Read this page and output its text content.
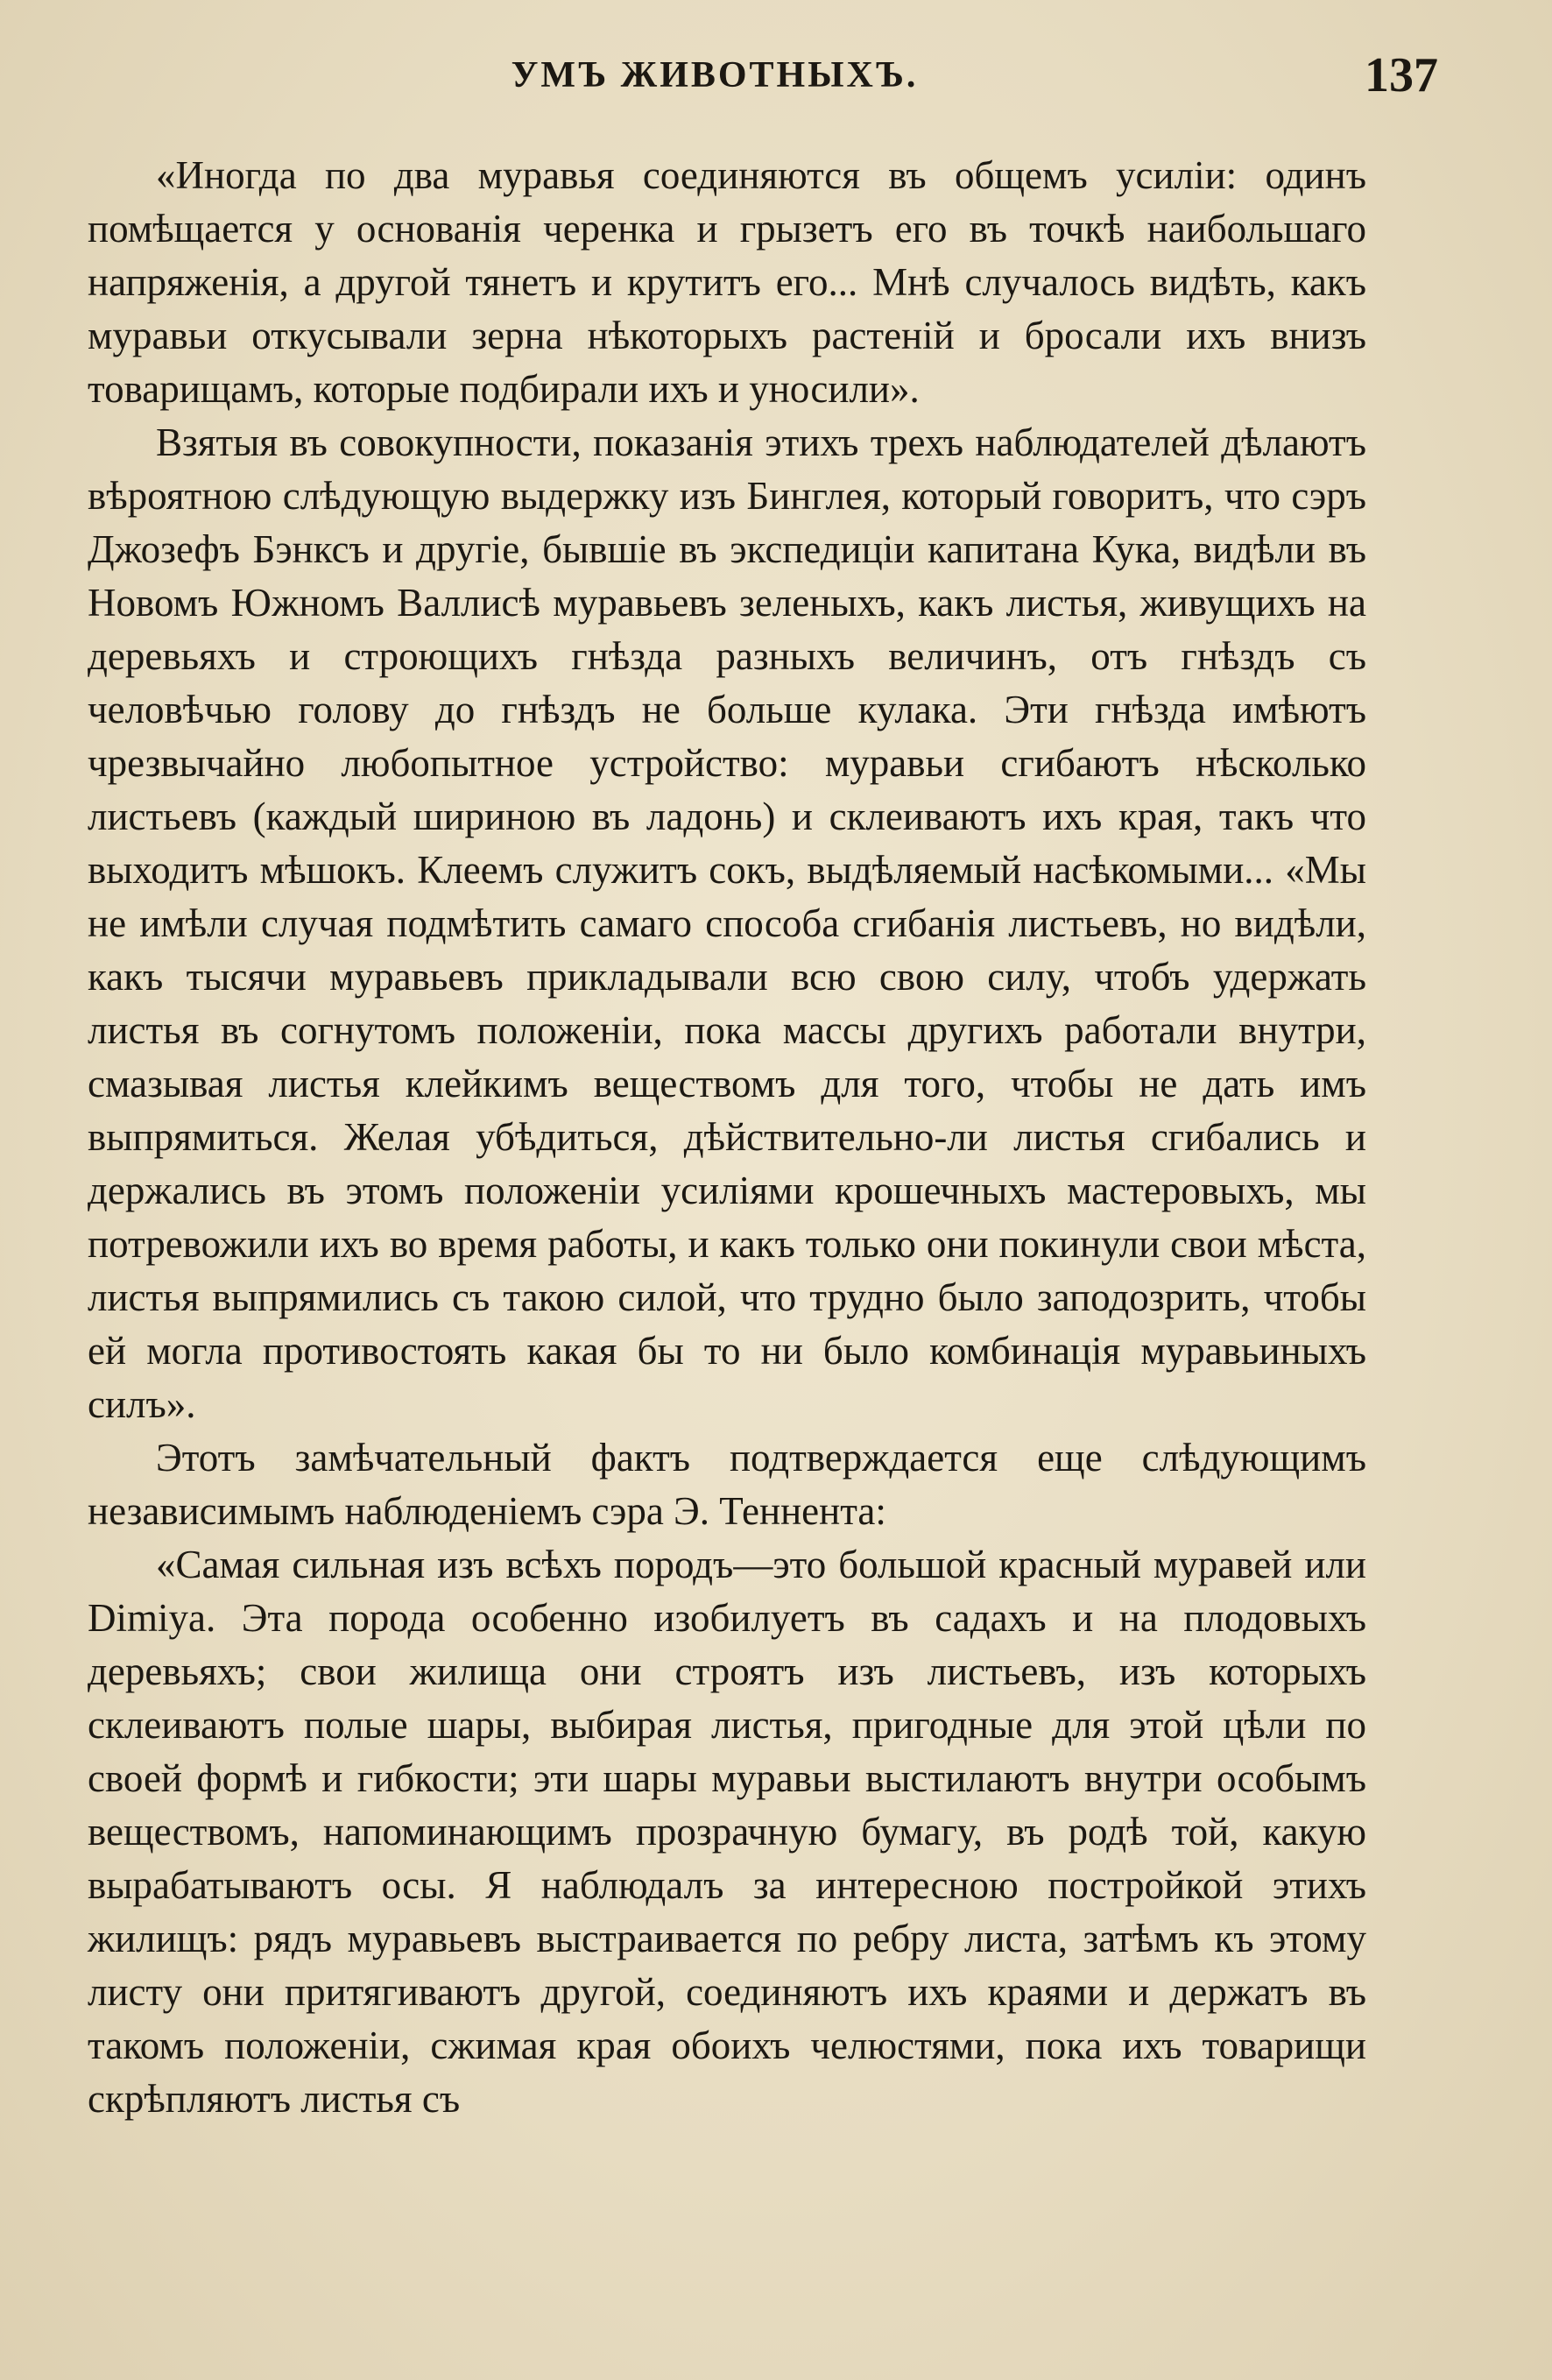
УМЪ ЖИВОТНЫХЪ.	137

«Иногда по два муравья соединяются въ общемъ усиліи: одинъ помѣщается у основанія черенка и грызетъ его въ точкѣ наибольшаго напряженія, а другой тянетъ и крутитъ его... Мнѣ случалось видѣть, какъ муравьи откусывали зерна нѣкоторыхъ растеній и бросали ихъ внизъ товарищамъ, которые подбирали ихъ и уносили».

Взятыя въ совокупности, показанія этихъ трехъ наблюдателей дѣлаютъ вѣроятною слѣдующую выдержку изъ Бинглея, который говоритъ, что сэръ Джозефъ Бэнксъ и другіе, бывшіе въ экспедиціи капитана Кука, видѣли въ Новомъ Южномъ Валлисѣ муравьевъ зеленыхъ, какъ листья, живущихъ на деревьяхъ и строющихъ гнѣзда разныхъ величинъ, отъ гнѣздъ съ человѣчью голову до гнѣздъ не больше кулака. Эти гнѣзда имѣютъ чрезвычайно любопытное устройство: муравьи сгибаютъ нѣсколько листьевъ (каждый шириною въ ладонь) и склеиваютъ ихъ края, такъ что выходитъ мѣшокъ. Клеемъ служитъ сокъ, выдѣляемый насѣкомыми... «Мы не имѣли случая подмѣтить самаго способа сгибанія листьевъ, но видѣли, какъ тысячи муравьевъ прикладывали всю свою силу, чтобъ удержать листья въ согнутомъ положеніи, пока массы другихъ работали внутри, смазывая листья клейкимъ веществомъ для того, чтобы не дать имъ выпрямиться. Желая убѣдиться, дѣйствительно-ли листья сгибались и держались въ этомъ положеніи усиліями крошечныхъ мастеровыхъ, мы потревожили ихъ во время работы, и какъ только они покинули свои мѣста, листья выпрямились съ такою силой, что трудно было заподозрить, чтобы ей могла противостоять какая бы то ни было комбинація муравьиныхъ силъ».

Этотъ замѣчательный фактъ подтверждается еще слѣдующимъ независимымъ наблюденіемъ сэра Э. Теннента:

«Самая сильная изъ всѣхъ породъ—это большой красный муравей или Dimiya. Эта порода особенно изобилуетъ въ садахъ и на плодовыхъ деревьяхъ; свои жилища они строятъ изъ листьевъ, изъ которыхъ склеиваютъ полые шары, выбирая листья, пригодные для этой цѣли по своей формѣ и гибкости; эти шары муравьи выстилаютъ внутри особымъ веществомъ, напоминающимъ прозрачную бумагу, въ родѣ той, какую вырабатываютъ осы. Я наблюдалъ за интересною постройкой этихъ жилищъ: рядъ муравьевъ выстраивается по ребру листа, затѣмъ къ этому листу они притягиваютъ другой, соединяютъ ихъ краями и держатъ въ такомъ положеніи, сжимая края обоихъ челюстями, пока ихъ товарищи скрѣпляютъ листья съ
